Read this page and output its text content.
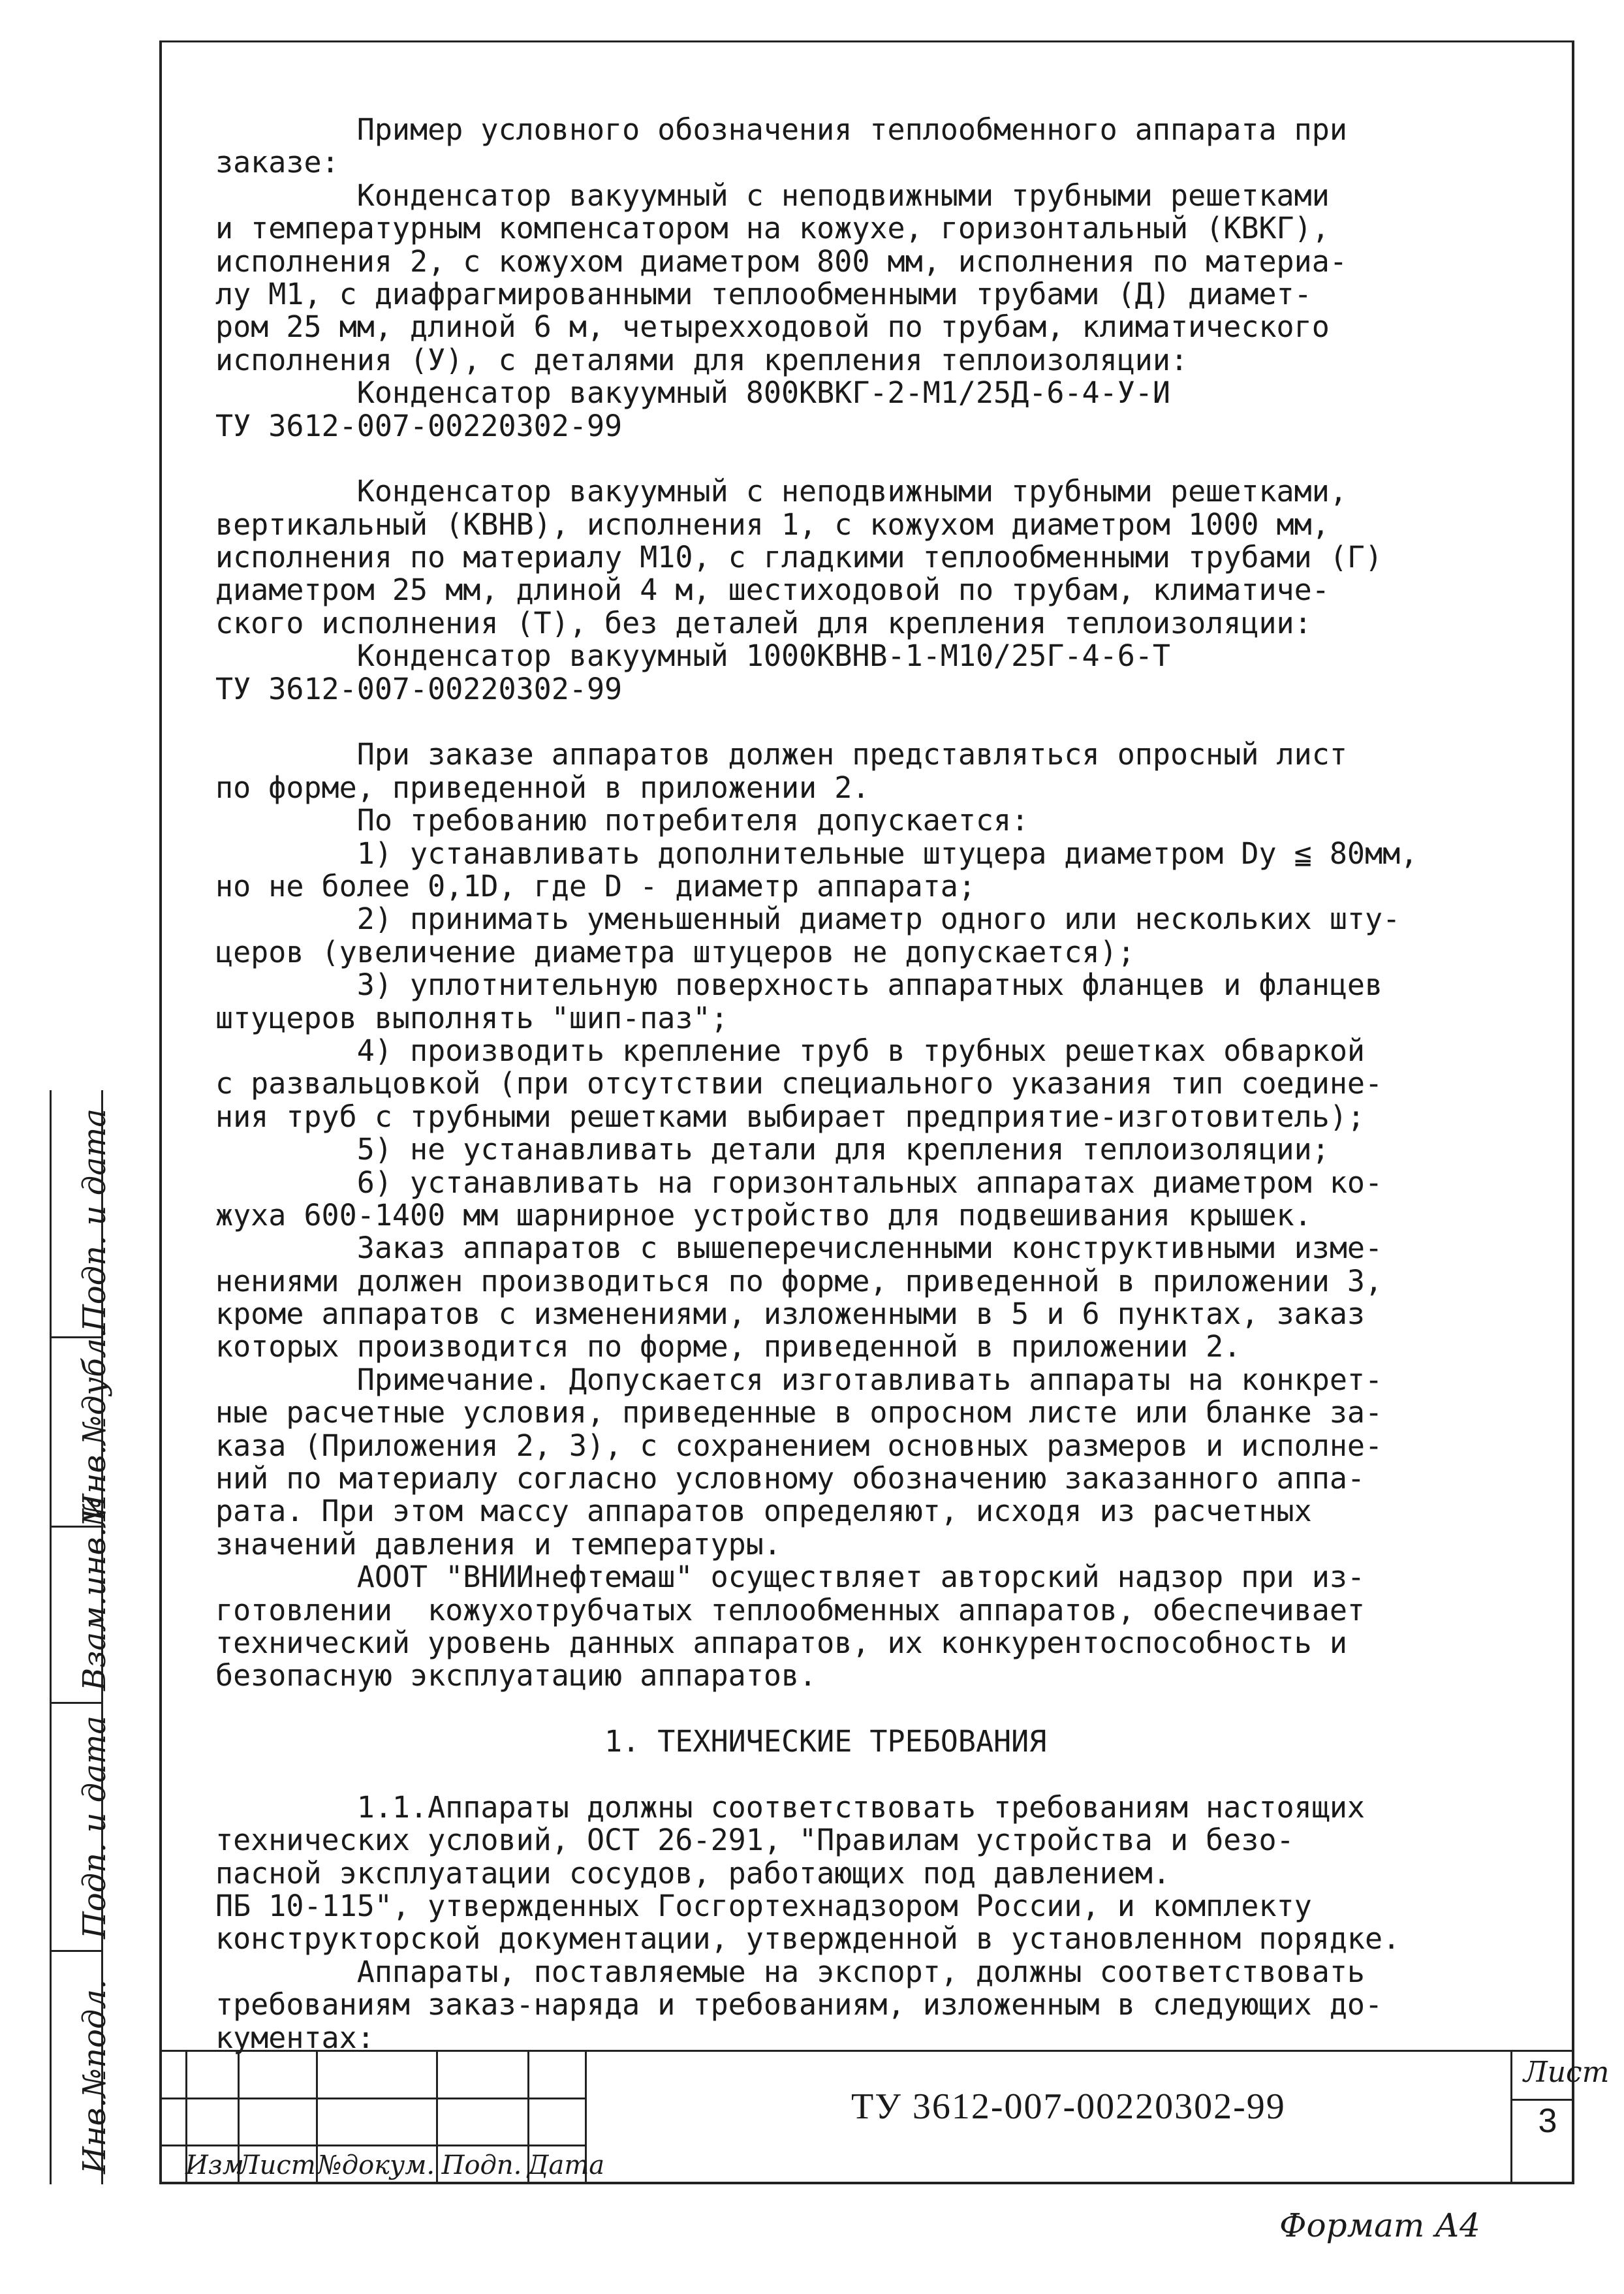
Пример условного обозначения теплообменного аппарата при
заказе:
Конденсатор вакуумный с неподвижными трубными решетками
и температурным компенсатором на кожухе, горизонтальный (КВКГ),
исполнения 2, с кожухом диаметром 800 мм, исполнения по материа-
лу М1, с диафрагмированными теплообменными трубами (Д) диамет-
ром 25 мм, длиной 6 м, четырехходовой по трубам, климатического
исполнения (У), с деталями для крепления теплоизоляции:
Конденсатор вакуумный 800КВКГ-2-М1/25Д-6-4-У-И
ТУ 3612-007-00220302-99
Конденсатор вакуумный с неподвижными трубными решетками,
вертикальный (КВНВ), исполнения 1, с кожухом диаметром 1000 мм,
исполнения по материалу М10, с гладкими теплообменными трубами (Г)
диаметром 25 мм, длиной 4 м, шестиходовой по трубам, климатиче-
ского исполнения (Т), без деталей для крепления теплоизоляции:
Конденсатор вакуумный 1000КВНВ-1-М10/25Г-4-6-Т
ТУ 3612-007-00220302-99
При заказе аппаратов должен представляться опросный лист
по форме, приведенной в приложении 2.
По требованию потребителя допускается:
1) устанавливать дополнительные штуцера диаметром Dy ≦ 80мм,
но не более 0,1D, где D - диаметр аппарата;
2) принимать уменьшенный диаметр одного или нескольких шту-
церов (увеличение диаметра штуцеров не допускается);
3) уплотнительную поверхность аппаратных фланцев и фланцев
штуцеров выполнять "шип-паз";
4) производить крепление труб в трубных решетках обваркой
с развальцовкой (при отсутствии специального указания тип соедине-
ния труб с трубными решетками выбирает предприятие-изготовитель);
5) не устанавливать детали для крепления теплоизоляции;
6) устанавливать на горизонтальных аппаратах диаметром ко-
жуха 600-1400 мм шарнирное устройство для подвешивания крышек.
Заказ аппаратов с вышеперечисленными конструктивными изме-
нениями должен производиться по форме, приведенной в приложении 3,
кроме аппаратов с изменениями, изложенными в 5 и 6 пунктах, заказ
которых производится по форме, приведенной в приложении 2.
Примечание. Допускается изготавливать аппараты на конкрет-
ные расчетные условия, приведенные в опросном листе или бланке за-
каза (Приложения 2, 3), с сохранением основных размеров и исполне-
ний по материалу согласно условному обозначению заказанного аппа-
рата. При этом массу аппаратов определяют, исходя из расчетных
значений давления и температуры.
АООТ "ВНИИнефтемаш" осуществляет авторский надзор при из-
готовлении  кожухотрубчатых теплообменных аппаратов, обеспечивает
технический уровень данных аппаратов, их конкурентоспособность и
безопасную эксплуатацию аппаратов.
1. ТЕХНИЧЕСКИЕ ТРЕБОВАНИЯ
1.1.Аппараты должны соответствовать требованиям настоящих
технических условий, ОСТ 26-291, "Правилам устройства и безо-
пасной эксплуатации сосудов, работающих под давлением.
ПБ 10-115", утвержденных Госгортехнадзором России, и комплекту
конструкторской документации, утвержденной в установленном порядке.
Аппараты, поставляемые на экспорт, должны соответствовать
требованиям заказ-наряда и требованиям, изложенным в следующих до-
кументах:
Инв.№подл.
Подп. и дата
Взам.инв.№
Инв.№дубл.
Подп. и дата
Изм
Лист №докум. Подп. Дата
ТУ 3612-007-00220302-99
Лист
3
Формат А4
